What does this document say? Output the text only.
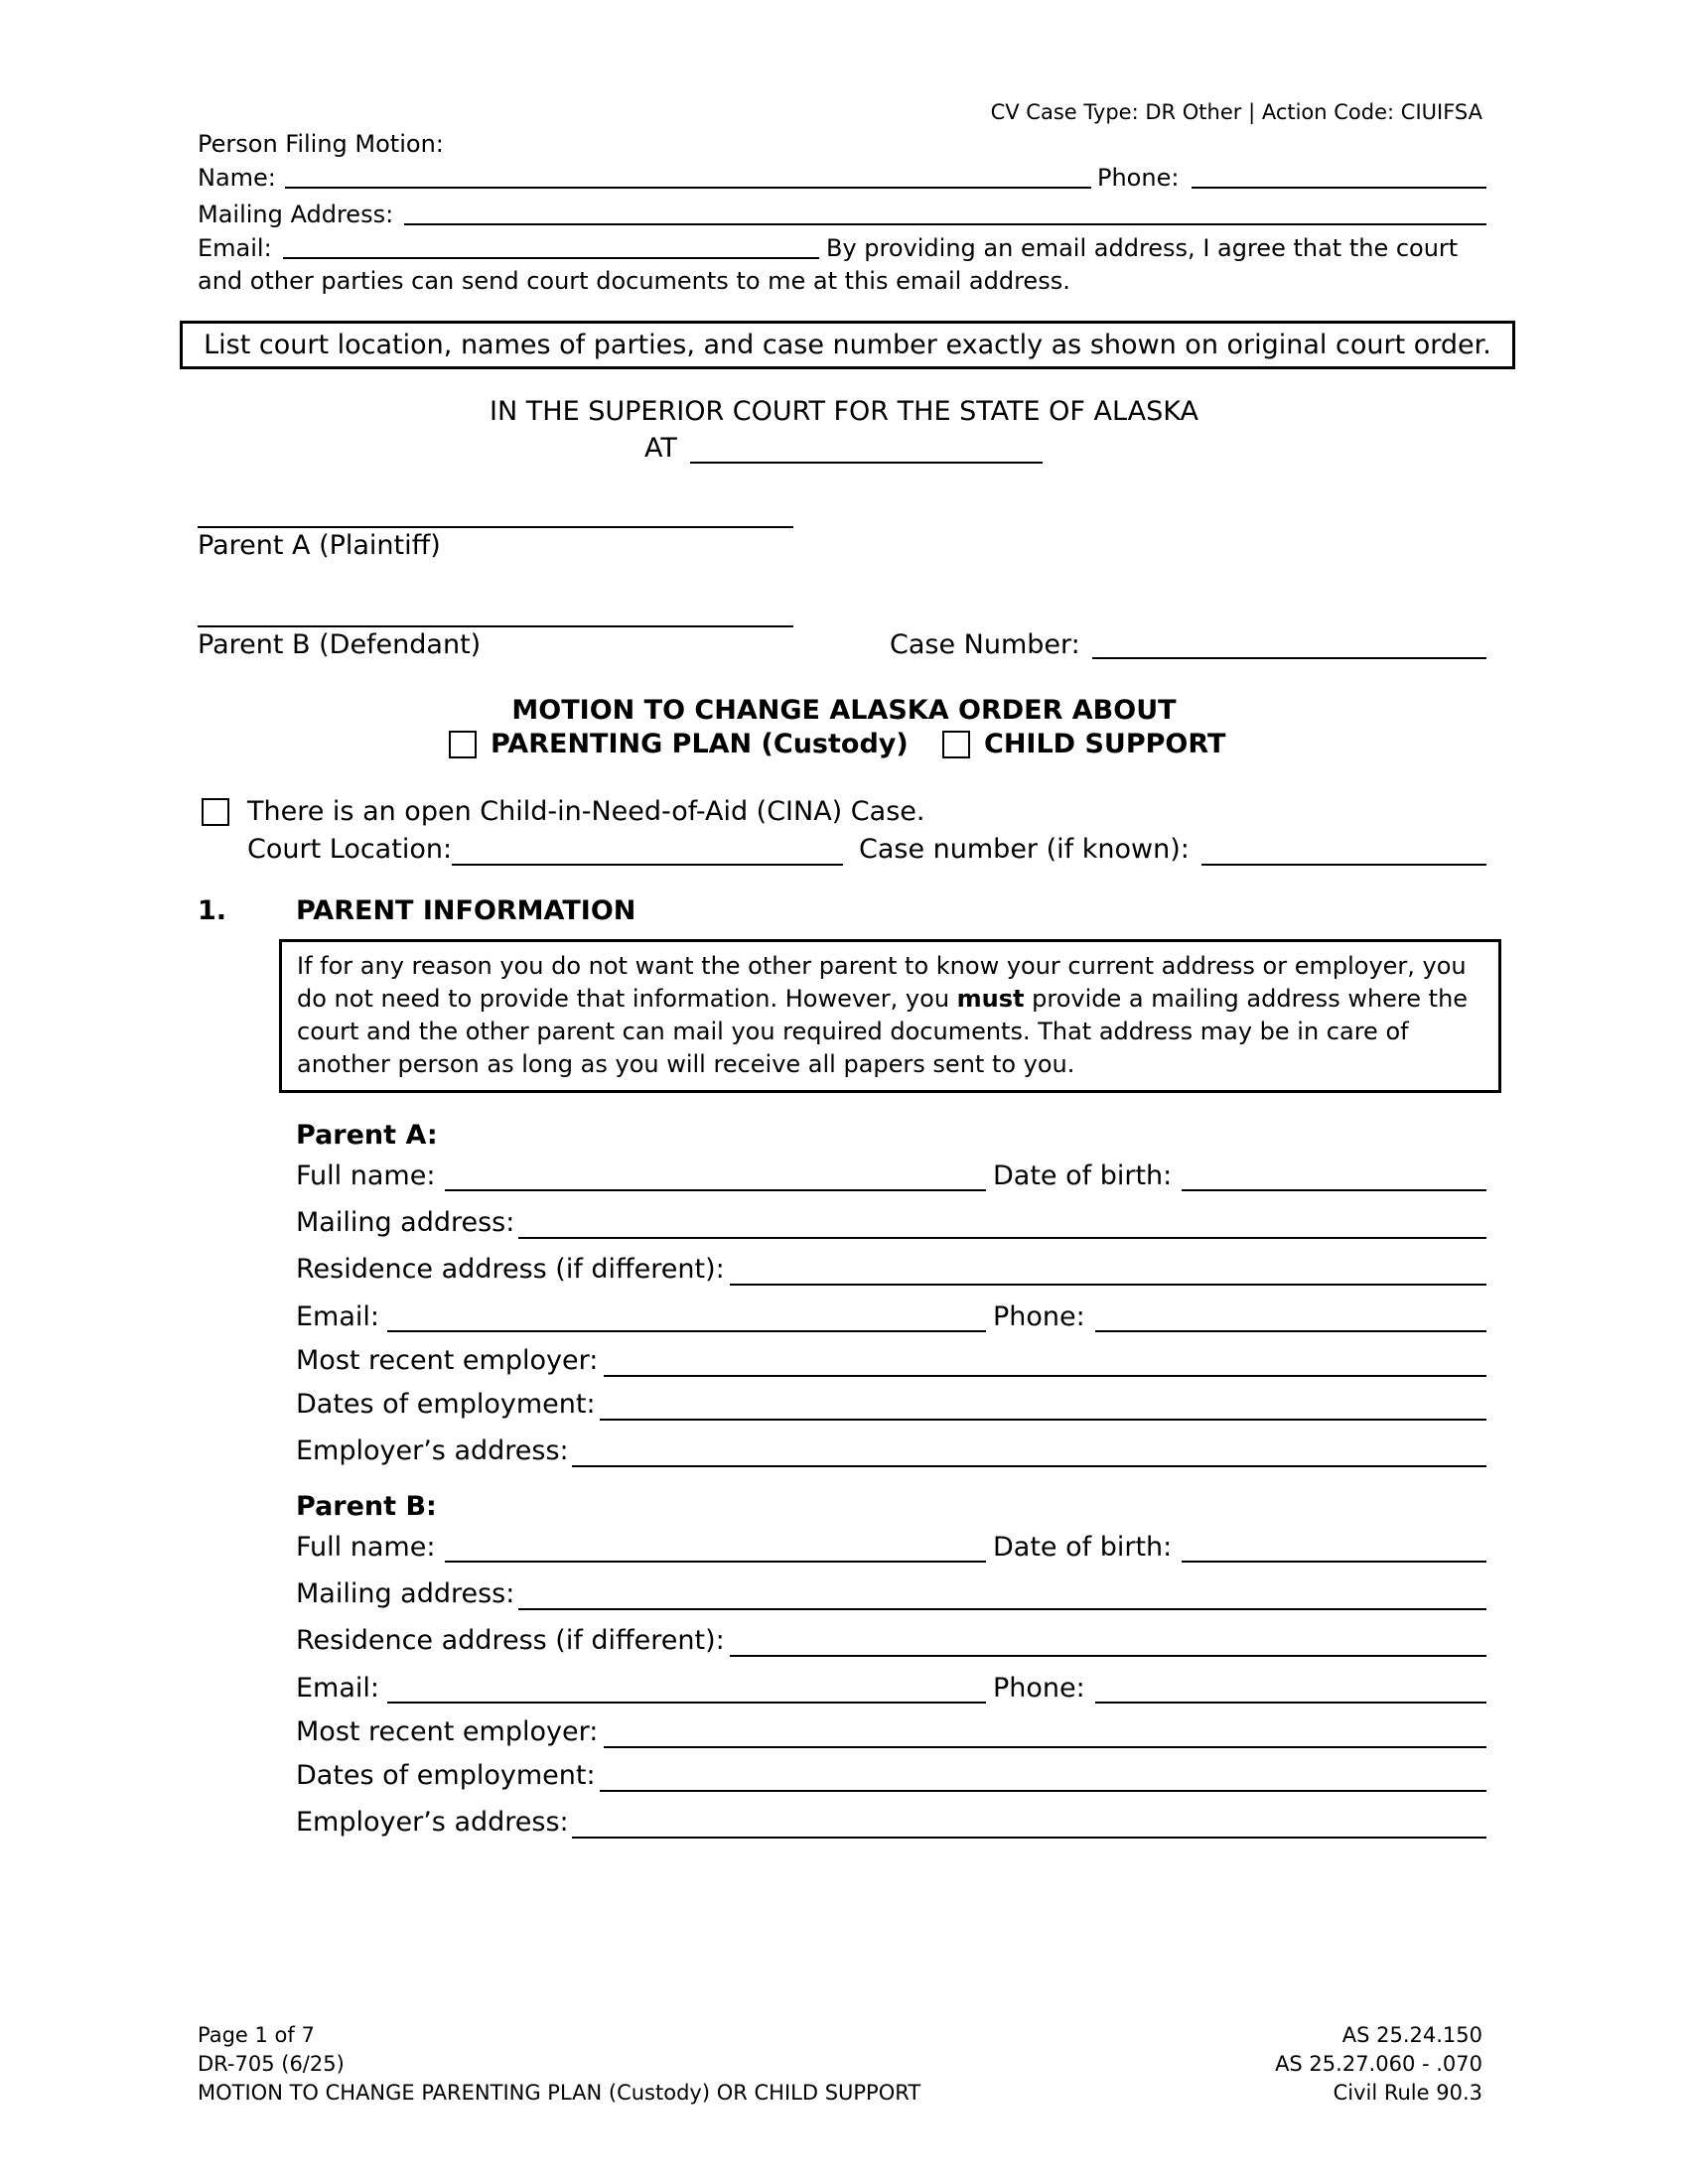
CV Case Type: DR Other | Action Code: CIUIFSA
Person Filing Motion:
Name:	Phone:
Mailing Address:
Email:	By providing an email address, I agree that the court
and other parties can send court documents to me at this email address.
List court location, names of parties, and case number exactly as shown on original court order.
IN THE SUPERIOR COURT FOR THE STATE OF ALASKA
AT
Parent A (Plaintiff)
Parent B (Defendant)	Case Number:
MOTION TO CHANGE ALASKA ORDER ABOUT
PARENTING PLAN (Custody)	CHILD SUPPORT
There is an open Child-in-Need-of-Aid (CINA) Case.
Court Location:	Case number (if known):
1.	PARENT INFORMATION
If for any reason you do not want the other parent to know your current address or employer, you do not need to provide that information. However, you must provide a mailing address where the court and the other parent can mail you required documents. That address may be in care of another person as long as you will receive all papers sent to you.
Parent A:
Full name:	Date of birth:
Mailing address:
Residence address (if different):
Email:	Phone:
Most recent employer:
Dates of employment:
Employer’s address:
Parent B:
Full name:	Date of birth:
Mailing address:
Residence address (if different):
Email:	Phone:
Most recent employer:
Dates of employment:
Employer’s address:
Page 1 of 7
DR-705 (6/25)
MOTION TO CHANGE PARENTING PLAN (Custody) OR CHILD SUPPORT
AS 25.24.150
AS 25.27.060 - .070
Civil Rule 90.3
